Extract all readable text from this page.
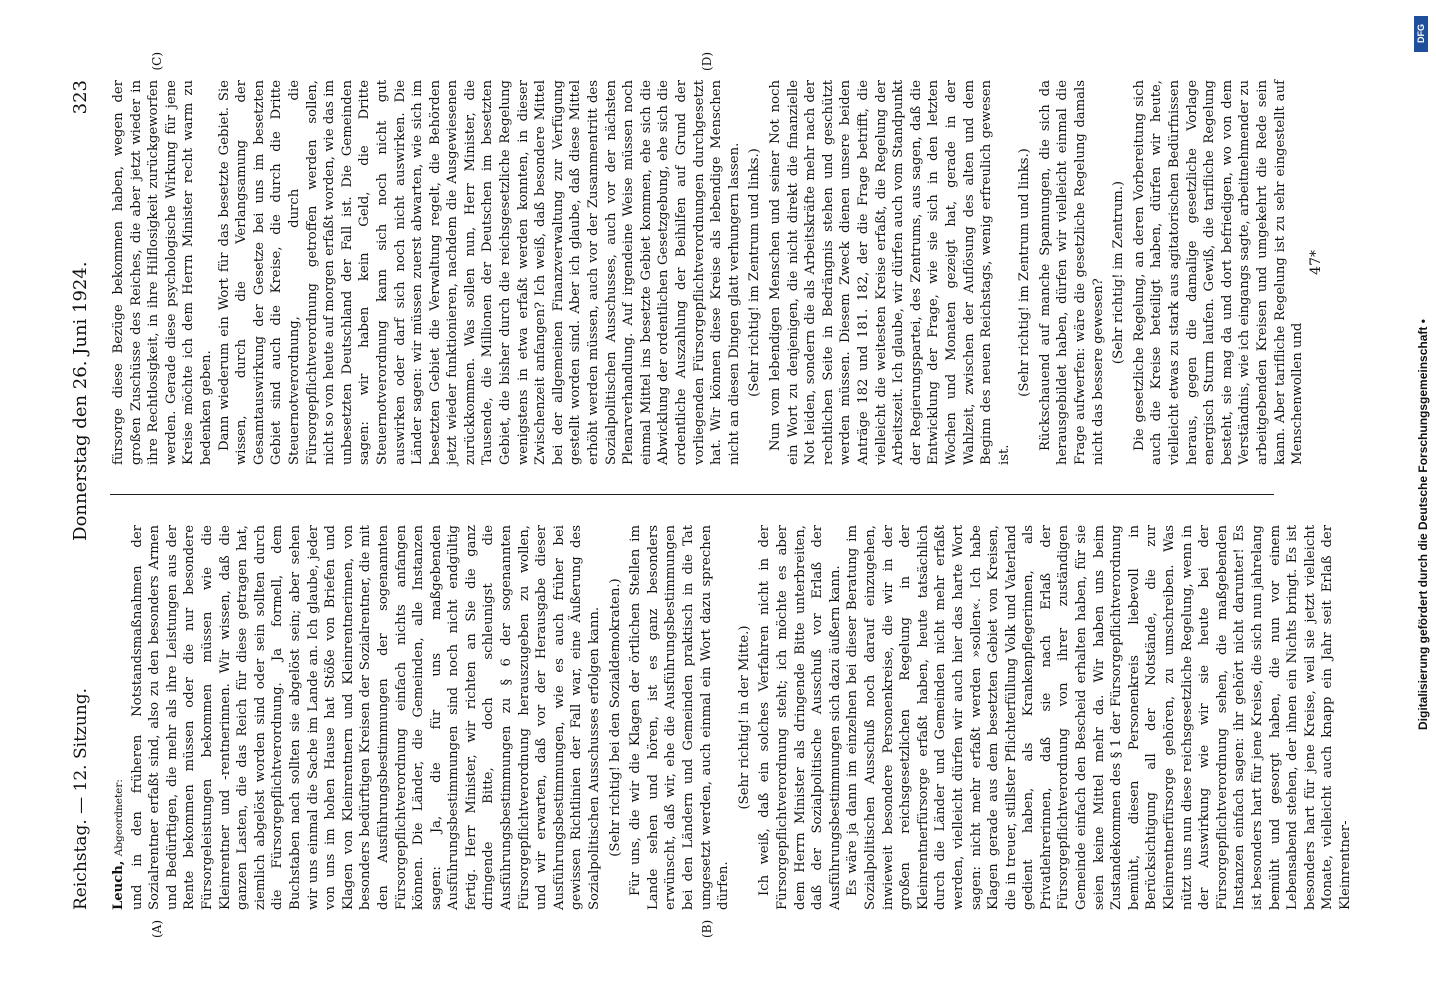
Reichstag. — 12. Sitzung.
Donnerstag den 26. Juni 1924.
323
(A)	(B)
(C)	(D)

Leuch, Abgeordneter: und in den früheren Notstandsmaßnahmen der Sozialrentner erfaßt sind, also zu den besonders Armen und Bedürftigen, die mehr als ihre Leistungen aus der Rente bekommen müssen oder die nur besondere Fürsorgeleistungen bekommen müssen wie die Kleinrentner und -rentnerinnen. Wir wissen, daß die ganzen Lasten, die das Reich für diese getragen hat, ziemlich abgelöst worden sind oder sein sollten durch die Fürsorgepflichtverordnung. Ja formell, dem Buchstaben nach sollten sie abgelöst sein; aber sehen wir uns einmal die Sache im Lande an. Ich glaube, jeder von uns im hohen Hause hat Stöße von Briefen und Klagen von Kleinrentnern und Kleinrentnerinnen, von besonders bedürftigen Kreisen der Sozialrentner, die mit den Ausführungsbestimmungen der sogenannten Fürsorgepflichtverordnung einfach nichts anfangen können. Die Länder, die Gemeinden, alle Instanzen sagen: Ja, die für uns maßgebenden Ausführungsbestimmungen sind noch nicht endgültig fertig. Herr Minister, wir richten an Sie die ganz dringende Bitte, doch schleunigst die Ausführungsbestimmungen zu § 6 der sogenannten Fürsorgepflichtverordnung herauszugeben zu wollen, und wir erwarten, daß vor der Herausgabe dieser Ausführungsbestimmungen, wie es auch früher bei gewissen Richtlinien der Fall war, eine Äußerung des Sozialpolitischen Ausschusses erfolgen kann. (Sehr richtig! bei den Sozialdemokraten.) Für uns, die wir die Klagen der örtlichen Stellen im Lande sehen und hören, ist es ganz besonders erwünscht, daß wir, ehe die Ausführungsbestimmungen bei den Ländern und Gemeinden praktisch in die Tat umgesetzt werden, auch einmal ein Wort dazu sprechen dürfen.

(Sehr richtig! in der Mitte.) Ich weiß, daß ein solches Verfahren nicht in der Fürsorgepflichtverordnung steht; ich möchte es aber dem Herrn Minister als dringende Bitte unterbreiten, daß der Sozialpolitische Ausschuß vor Erlaß der Ausführungsbestimmungen sich dazu äußern kann. Es wäre ja dann im einzelnen bei dieser Beratung im Sozialpolitischen Ausschuß noch darauf einzugehen, inwieweit besondere Personenkreise, die wir in der großen reichsgesetzlichen Regelung in der Kleinrentnerfürsorge erfaßt haben, heute tatsächlich durch die Länder und Gemeinden nicht mehr erfaßt werden, vielleicht dürfen wir auch hier das harte Wort sagen: nicht mehr erfaßt werden »sollen«. Ich habe Klagen gerade aus dem besetzten Gebiet von Kreisen, die in treuer, stillster Pflichterfüllung Volk und Vaterland gedient haben, als Krankenpflegerinnen, als Privatlehrerinnen, daß sie nach Erlaß der Fürsorgepflichtverordnung von ihrer zuständigen Gemeinde einfach den Bescheid erhalten haben, für sie seien keine Mittel mehr da. Wir haben uns beim Zustandekommen des § 1 der Fürsorgepflichtverordnung bemüht, diesen Personenkreis liebevoll in Berücksichtigung all der Notstände, die zur Kleinrentnerfürsorge gehören, zu umschreiben. Was nützt uns nun diese reichsgesetzliche Regelung, wenn in der Auswirkung wie wir sie heute bei der Fürsorgepflichtverordnung sehen, die maßgebenden Instanzen einfach sagen: ihr gehört nicht darunter! Es ist besonders hart für jene Kreise, die sich nun jahrelang bemüht und gesorgt haben, die nun vor einem Lebensabend stehen, der ihnen ein Nichts bringt. Es ist besonders hart für jene Kreise, weil sie jetzt vielleicht Monate, vielleicht auch knapp ein Jahr seit Erlaß der Kleinrentner-

fürsorge diese Bezüge bekommen haben, wegen der großen Zuschüsse des Reiches, die aber jetzt wieder in ihre Rechtlosigkeit, in ihre Hilflosigkeit zurückgeworfen werden. Gerade diese psychologische Wirkung für jene Kreise möchte ich dem Herrn Minister recht warm zu bedenken geben. Dann wiederum ein Wort für das besetzte Gebiet. Sie wissen, durch die Verlangsamung der Gesamtauswirkung der Gesetze bei uns im besetzten Gebiet sind auch die Kreise, die durch die Dritte Steuernotverordnung, durch die Fürsorgepflichtverordnung getroffen werden sollen, nicht so von heute auf morgen erfaßt worden, wie das im unbesetzten Deutschland der Fall ist. Die Gemeinden sagen: wir haben kein Geld, die Dritte Steuernotverordnung kann sich noch nicht gut auswirken oder darf sich noch nicht auswirken. Die Länder sagen: wir müssen zuerst abwarten, wie sich im besetzten Gebiet die Verwaltung regelt, die Behörden jetzt wieder funktionieren, nachdem die Ausgewiesenen zurückkommen. Was sollen nun, Herr Minister, die Tausende, die Millionen der Deutschen im besetzten Gebiet, die bisher durch die reichsgesetzliche Regelung wenigstens in etwa erfaßt werden konnten, in dieser Zwischenzeit anfangen? Ich weiß, daß besondere Mittel bei der allgemeinen Finanzverwaltung zur Verfügung gestellt worden sind. Aber ich glaube, daß diese Mittel erhöht werden müssen, auch vor der Zusammentritt des Sozialpolitischen Ausschusses, auch vor der nächsten Plenarverhandlung. Auf irgendeine Weise müssen noch einmal Mittel ins besetzte Gebiet kommen, ehe sich die Abwicklung der ordentlichen Gesetzgebung, ehe sich die ordentliche Auszahlung der Beihilfen auf Grund der vorliegenden Fürsorgepflichtverordnungen durchgesetzt hat. Wir können diese Kreise als lebendige Menschen nicht an diesen Dingen glatt verhungern lassen. (Sehr richtig! im Zentrum und links.) Nun vom lebendigen Menschen und seiner Not noch ein Wort zu denjenigen, die nicht direkt die finanzielle Not leiden, sondern die als Arbeitskräfte mehr nach der rechtlichen Seite in Bedrängnis stehen und geschützt werden müssen. Diesem Zweck dienen unsere beiden Anträge 182 und 181. 182, der die Frage betrifft, die vielleicht die weitesten Kreise erfaßt, die Regelung der Arbeitszeit. Ich glaube, wir dürfen auch vom Standpunkt der Regierungspartei, des Zentrums, aus sagen, daß die Entwicklung der Frage, wie sie sich in den letzten Wochen und Monaten gezeigt hat, gerade in der Wahlzeit, zwischen der Auflösung des alten und dem Beginn des neuen Reichstags, wenig erfreulich gewesen ist.

(Sehr richtig! im Zentrum und links.) Rückschauend auf manche Spannungen, die sich da herausgebildet haben, dürfen wir vielleicht einmal die Frage aufwerfen: wäre die gesetzliche Regelung damals nicht das bessere gewesen?

(Sehr richtig! im Zentrum.) Die gesetzliche Regelung, an deren Vorbereitung sich auch die Kreise beteiligt haben, dürfen wir heute, vielleicht etwas zu stark aus agitatorischen Bedürfnissen heraus, gegen die damalige gesetzliche Vorlage energisch Sturm laufen. Gewiß, die tarifliche Regelung besteht, sie mag da und dort befriedigen, wo von dem Verständnis, wie ich eingangs sagte, arbeitnehmender zu arbeitgebenden Kreisen und umgekehrt die Rede sein kann. Aber tarifliche Regelung ist zu sehr eingestellt auf Menschenwollen und

47*
Digitalisierung gefördert durch die Deutsche Forschungsgemeinschaft •
DFG
